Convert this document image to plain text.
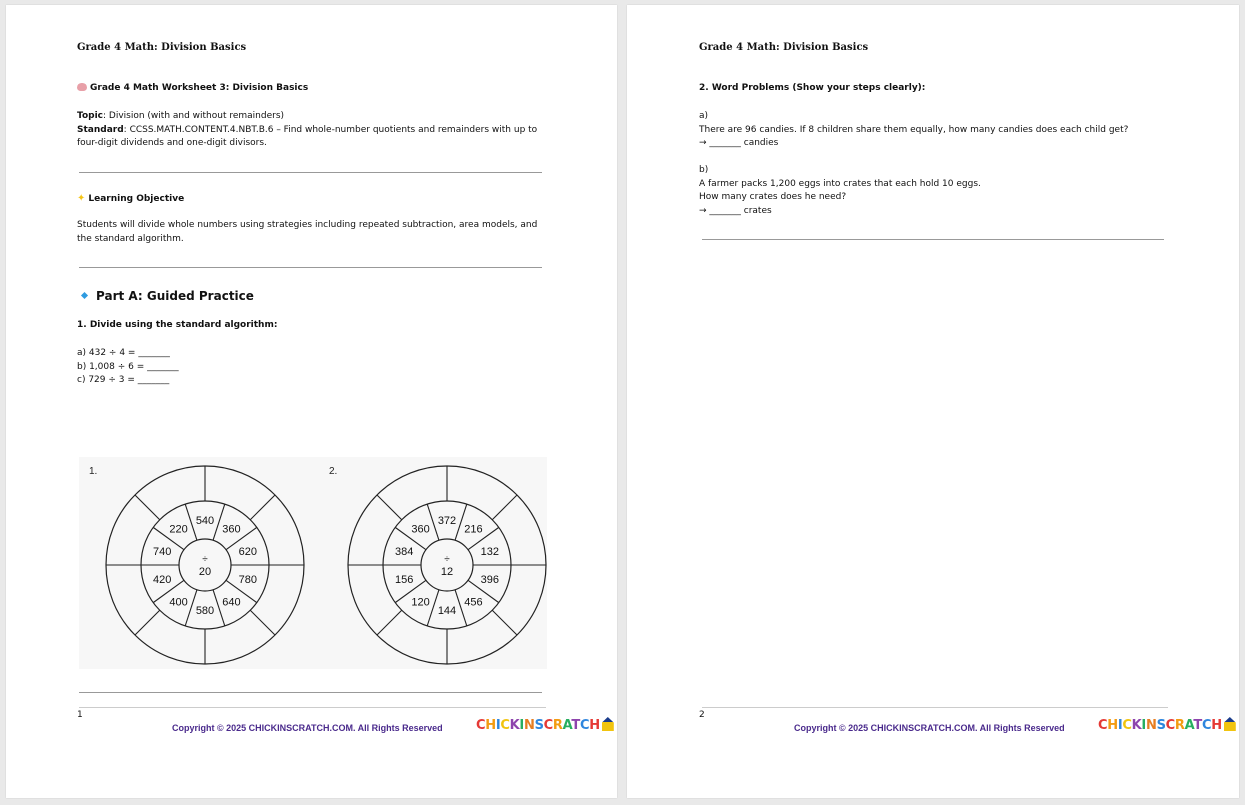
Grade 4 Math: Division Basics
Grade 4 Math Worksheet 3: Division Basics
Topic: Division (with and without remainders)
Standard: CCSS.MATH.CONTENT.4.NBT.B.6 – Find whole-number quotients and remainders with up to
four-digit dividends and one-digit divisors.
✦ Learning Objective
Students will divide whole numbers using strategies including repeated subtraction, area models, and
the standard algorithm.
Part A: Guided Practice
1. Divide using the standard algorithm:
a) 432 ÷ 4 = _______
b) 1,008 ÷ 6 = _______
c) 729 ÷ 3 = _______
1.
540
360
620
780
640
580
400
420
740
220
÷
20
2.
372
216
132
396
456
144
120
156
384
360
÷
12
1
Copyright © 2025 CHICKINSCRATCH.COM. All Rights Reserved	CHICKINSCRATCH
Grade 4 Math: Division Basics
2. Word Problems (Show your steps clearly):
a)
There are 96 candies. If 8 children share them equally, how many candies does each child get?
→ _______ candies
b)
A farmer packs 1,200 eggs into crates that each hold 10 eggs.
How many crates does he need?
→ _______ crates
2
Copyright © 2025 CHICKINSCRATCH.COM. All Rights Reserved	CHICKINSCRATCH
